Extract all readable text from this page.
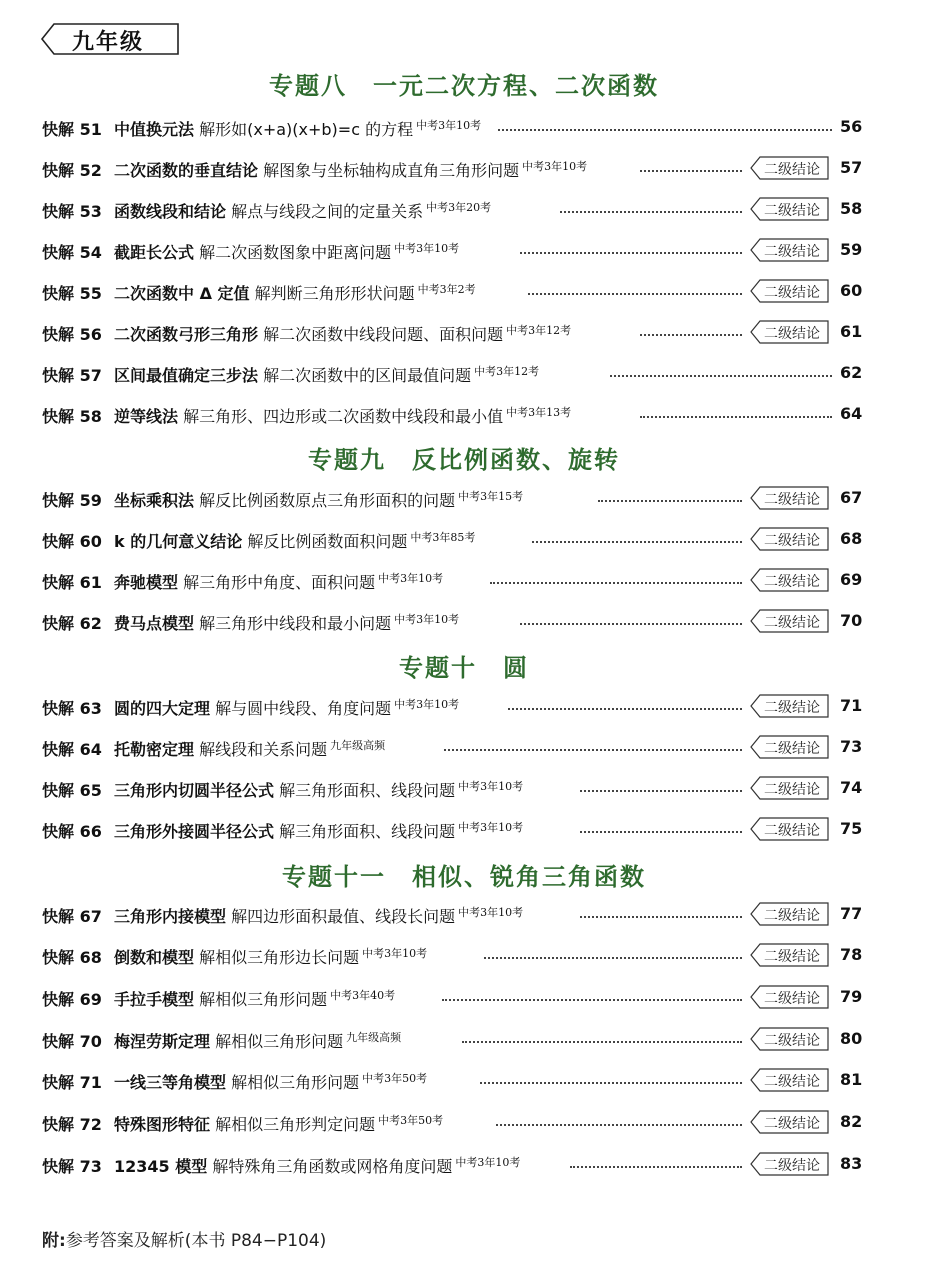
九年级
专题八　一元二次方程、二次函数
专题九　反比例函数、旋转
专题十　圆
专题十一　相似、锐角三角函数
快解 51 中值换元法 解形如(x+a)(x+b)=c 的方程 $^{中考3年10考}$	56
快解 52 二次函数的垂直结论 解图象与坐标轴构成直角三角形问题 $^{中考3年10考}$	二级结论 57
快解 53 函数线段和结论 解点与线段之间的定量关系 $^{中考3年20考}$	二级结论 58
快解 54 截距长公式 解二次函数图象中距离问题 $^{中考3年10考}$	二级结论 59
快解 55 二次函数中 Δ 定值 解判断三角形形状问题 $^{中考3年2考}$	二级结论 60
快解 56 二次函数弓形三角形 解二次函数中线段问题、面积问题 $^{中考3年12考}$	二级结论 61
快解 57 区间最值确定三步法 解二次函数中的区间最值问题 $^{中考3年12考}$	62
快解 58 逆等线法 解三角形、四边形或二次函数中线段和最小值 $^{中考3年13考}$	64
快解 59 坐标乘积法 解反比例函数原点三角形面积的问题 $^{中考3年15考}$	二级结论 67
快解 60 k 的几何意义结论 解反比例函数面积问题 $^{中考3年85考}$	二级结论 68
快解 61 奔驰模型 解三角形中角度、面积问题 $^{中考3年10考}$	二级结论 69
快解 62 费马点模型 解三角形中线段和最小问题 $^{中考3年10考}$	二级结论 70
快解 63 圆的四大定理 解与圆中线段、角度问题 $^{中考3年10考}$	二级结论 71
快解 64 托勒密定理 解线段和关系问题 $^{九年级高频}$	二级结论 73
快解 65 三角形内切圆半径公式 解三角形面积、线段问题 $^{中考3年10考}$	二级结论 74
快解 66 三角形外接圆半径公式 解三角形面积、线段问题 $^{中考3年10考}$	二级结论 75
快解 67 三角形内接模型 解四边形面积最值、线段长问题 $^{中考3年10考}$	二级结论 77
快解 68 倒数和模型 解相似三角形边长问题 $^{中考3年10考}$	二级结论 78
快解 69 手拉手模型 解相似三角形问题 $^{中考3年40考}$	二级结论 79
快解 70 梅涅劳斯定理 解相似三角形问题 $^{九年级高频}$	二级结论 80
快解 71 一线三等角模型 解相似三角形问题 $^{中考3年50考}$	二级结论 81
快解 72 特殊图形特征 解相似三角形判定问题 $^{中考3年50考}$	二级结论 82
快解 73 12345 模型 解特殊角三角函数或网格角度问题 $^{中考3年10考}$	二级结论 83
附:参考答案及解析(本书 P84−P104)
